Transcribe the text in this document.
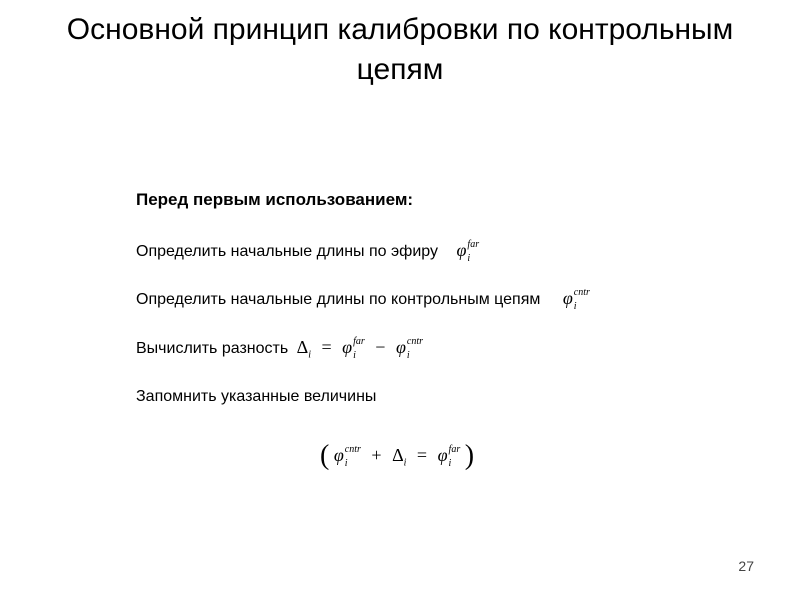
Основной принцип калибровки по контрольным цепям
Перед первым использованием:
Определить начальные длины по эфиру φ far
i
Определить начальные длины по контрольным цепям φ cntr
i
Вычислить разность $\Delta_i = \varphi$ far
i	− φ cntr
i
Запомнить указанные величины
( φ cntr
i	+ $\Delta_i = \varphi$ far
i )
27
